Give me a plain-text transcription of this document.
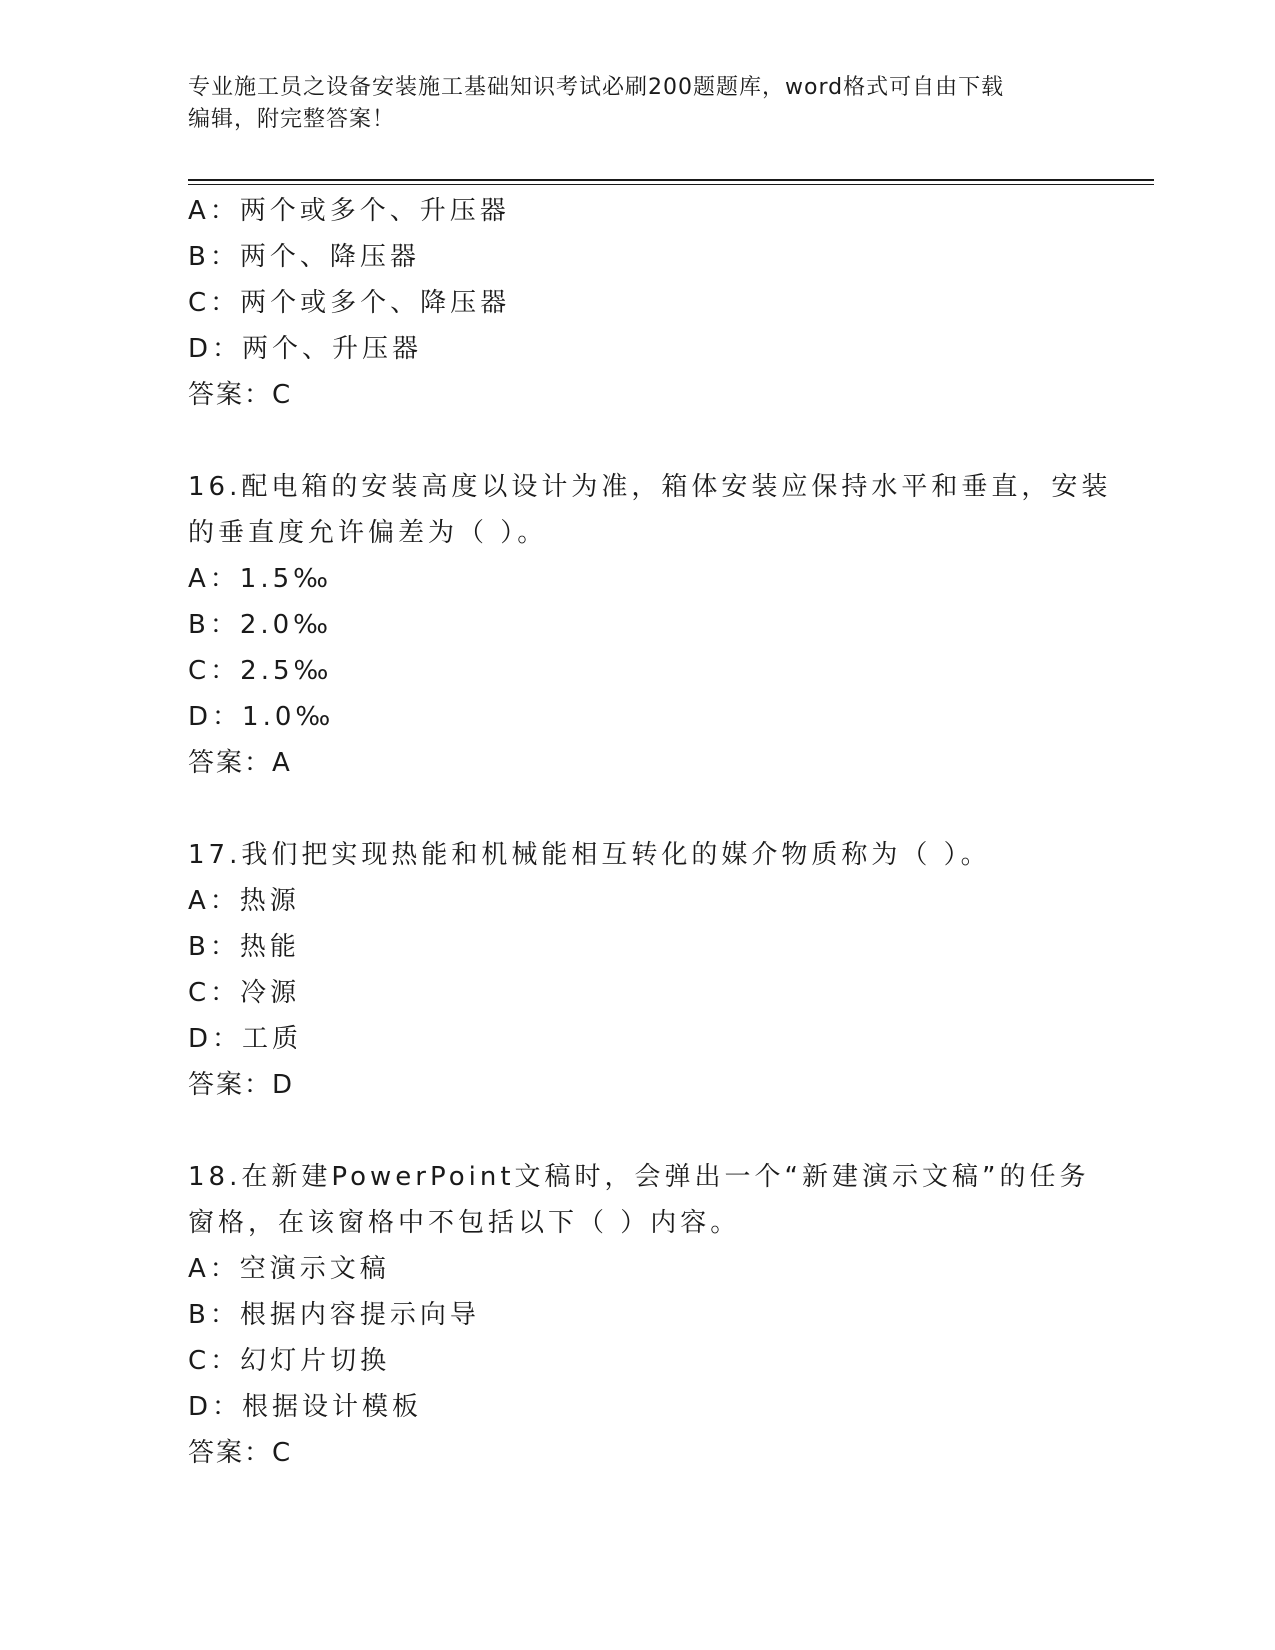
专业施工员之设备安装施工基础知识考试必刷200题题库，word格式可自由下载
编辑，附完整答案！
A：两个或多个、升压器
B：两个、降压器
C：两个或多个、降压器
D：两个、升压器
答案：C
16.配电箱的安装高度以设计为准，箱体安装应保持水平和垂直，安装
的垂直度允许偏差为（ ）。
A：1.5‰
B：2.0‰
C：2.5‰
D：1.0‰
答案：A
17.我们把实现热能和机械能相互转化的媒介物质称为（ ）。
A：热源
B：热能
C：冷源
D：工质
答案：D
18.在新建PowerPoint文稿时，会弹出一个“新建演示文稿”的任务
窗格，在该窗格中不包括以下（ ）内容。
A：空演示文稿
B：根据内容提示向导
C：幻灯片切换
D：根据设计模板
答案：C
